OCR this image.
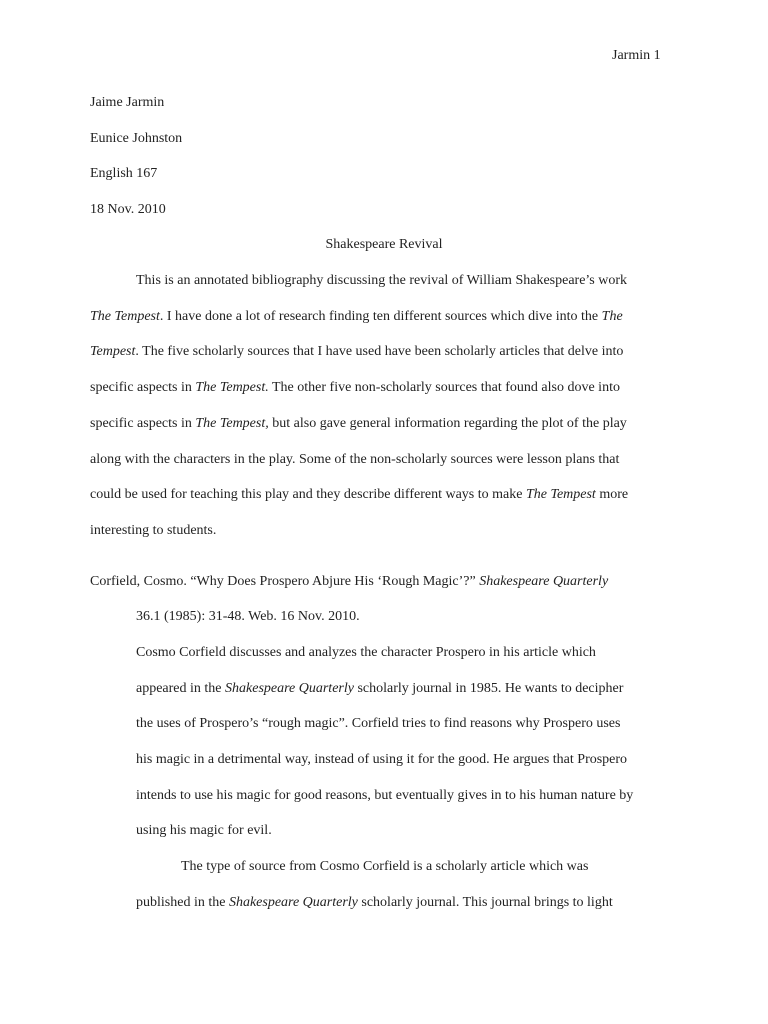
Jarmin 1
Jaime Jarmin
Eunice Johnston
English 167
18 Nov. 2010
Shakespeare Revival
This is an annotated bibliography discussing the revival of William Shakespeare’s work
The Tempest. I have done a lot of research finding ten different sources which dive into the The
Tempest. The five scholarly sources that I have used have been scholarly articles that delve into
specific aspects in The Tempest. The other five non-scholarly sources that found also dove into
specific aspects in The Tempest, but also gave general information regarding the plot of the play
along with the characters in the play. Some of the non-scholarly sources were lesson plans that
could be used for teaching this play and they describe different ways to make The Tempest more
interesting to students.
Corfield, Cosmo. “Why Does Prospero Abjure His ‘Rough Magic’?” Shakespeare Quarterly
36.1 (1985): 31-48. Web. 16 Nov. 2010.
Cosmo Corfield discusses and analyzes the character Prospero in his article which
appeared in the Shakespeare Quarterly scholarly journal in 1985. He wants to decipher
the uses of Prospero’s “rough magic”. Corfield tries to find reasons why Prospero uses
his magic in a detrimental way, instead of using it for the good. He argues that Prospero
intends to use his magic for good reasons, but eventually gives in to his human nature by
using his magic for evil.
The type of source from Cosmo Corfield is a scholarly article which was
published in the Shakespeare Quarterly scholarly journal. This journal brings to light
